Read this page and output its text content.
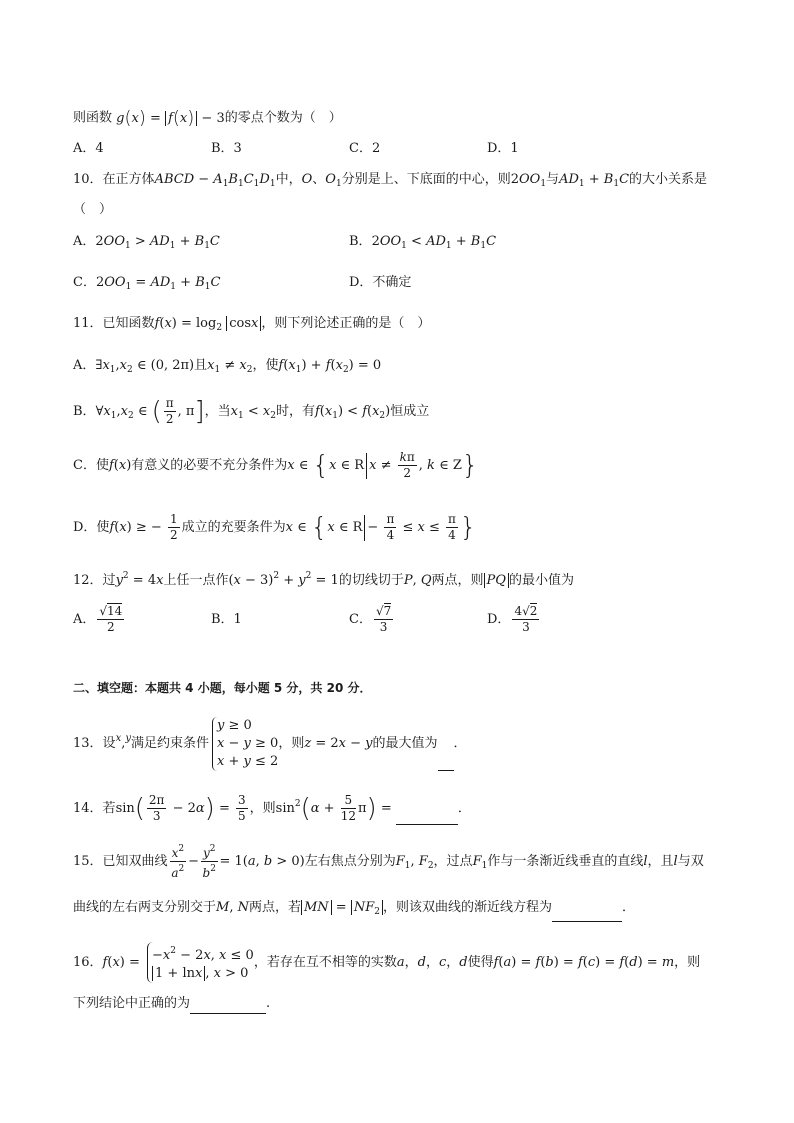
则函数 g(x) = f(x) − 3的零点个数为（　）
A．4	B．3	C．2	D．1
10．在正方体ABCD − $A_1B_1C_1D_1$中，O、$O_1$分别是上、下底面的中心，则$2OO_1$与$AD_1 + B_1C$的大小关系是
（　）
A．$2OO_1 > AD_1 + B_1C$	B．$2OO_1 < AD_1 + B_1C$
C．$2OO_1 = AD_1 + B_1C$	D．不确定
11．已知函数$f(x) = \log_2 \cos x$ ，则下列论述正确的是（　）
A．$\exists x_1,x_2$ ∈ (0, 2π)且$x_1 \ne x_2$，使$f(x_1) + f(x_2) = 0$
B．$\forall x_1,x_2$ ∈ ( $\frac{\pi}{2}$ , π]，当$x_1 < x_2$时，有$f(x_1) < f(x_2)$恒成立
C．使f(x)有意义的必要不充分条件为x ∈ {x ∈ R $x \ne \frac{k\pi}{2}$ , k ∈ Z}
D．使f(x) ≥ − $\frac{1}{2}$ 成立的充要条件为x ∈ {x ∈ $R - \frac{\pi}{4} \le x \le \frac{\pi}{4}$ }
12．过$y^2 = 4x$上任一点作$(x - 3)^2 + y^2 = 1$的切线切于P, Q两点，则 PQ 的最小值为
A． $\frac{√14}{2}$	B．1	C． $\frac{√7}{3}$	D． $\frac{4√2}{3}$
二、填空题：本题共 4 小题，每小题 5 分，共 20 分．
13．设$^x$,$^y$满足约束条件
y ≥ 0
x − y ≥ 0
x + y ≤ 2
，则z = 2x − y的最大值为 ．
14．若$\sin( \frac{2\pi}{3} - 2\alpha) = \frac{3}{5}$ ，则$\sin^2(\alpha + \frac{5}{12} \pi)$ =	．
15．已知双曲线 $\frac{x^2}{a^2} - \frac{y^2}{b^2} = 1(a$, b > 0)左右焦点分别为$F_1$, $F_2$，过点$F_1$作与一条渐近线垂直的直线l，且l与双
曲线的左右两支分别交于M, N两点，若 MN = $NF_2$ ，则该双曲线的渐近线方程为	．
16．$f(x) = -x^2 - 2x$, x ≤ 0
1 + lnx , x > 0
，若存在互不相等的实数a，d，c，d使得f(a) = f(b) = f(c) = f(d) = m，则
下列结论中正确的为	.
